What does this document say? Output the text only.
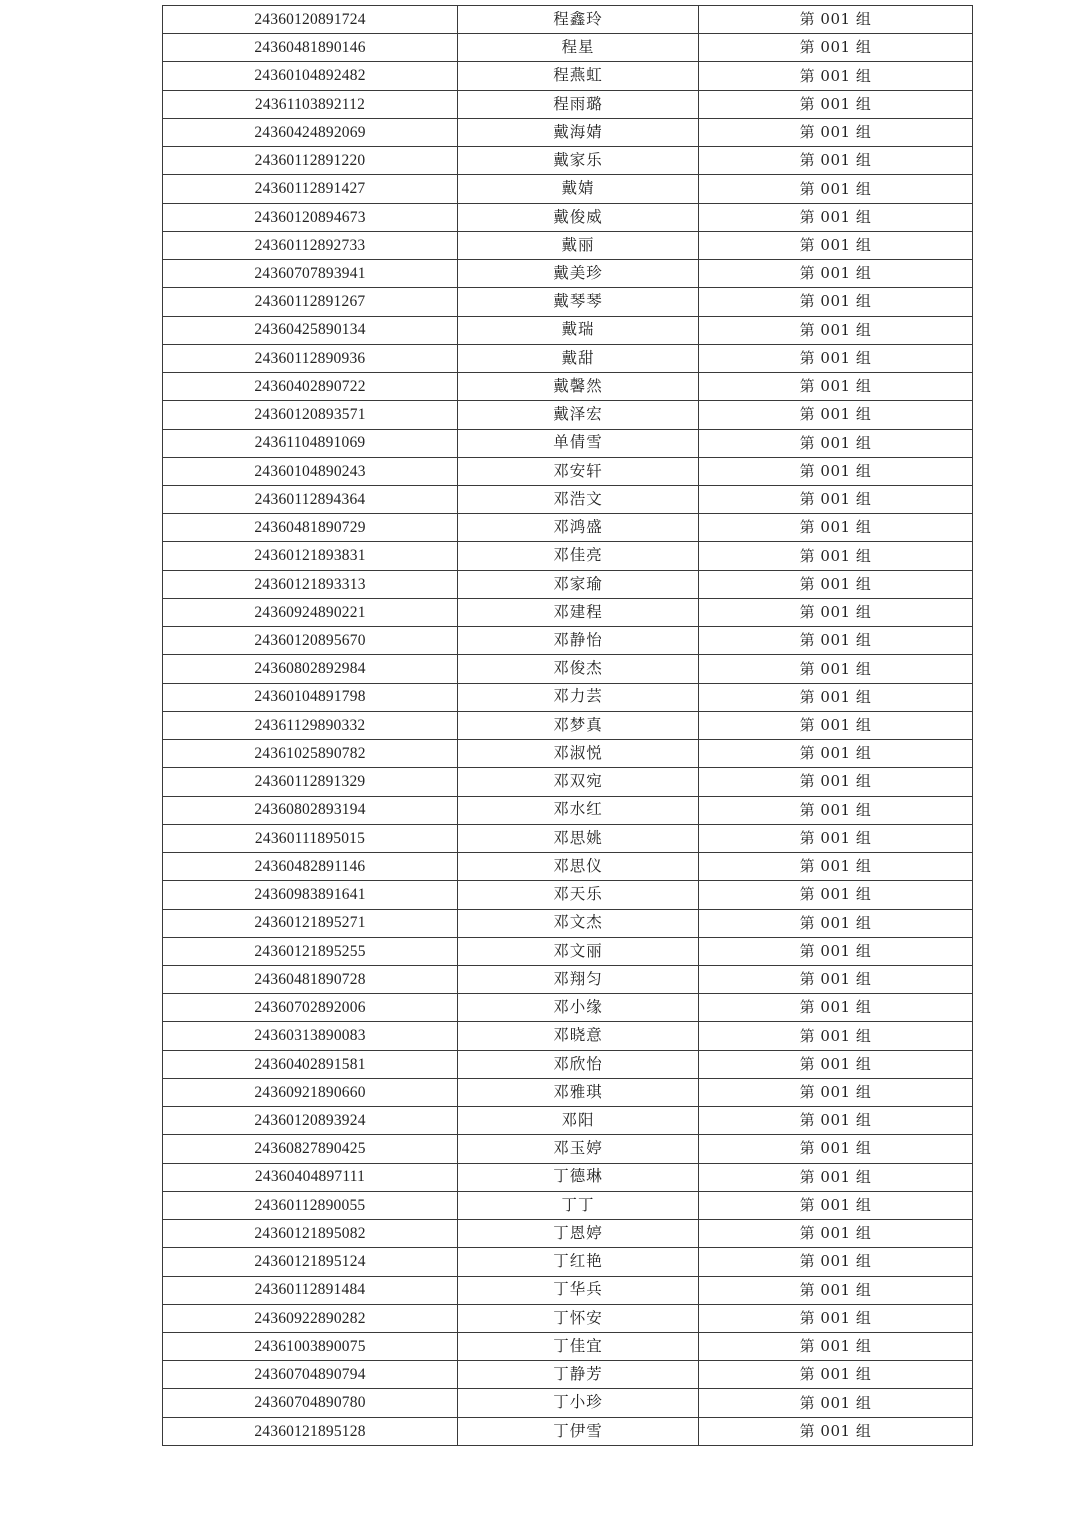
24360120891724	程鑫玲	第 001 组
24360481890146	程星	第 001 组
24360104892482	程燕虹	第 001 组
24361103892112	程雨璐	第 001 组
24360424892069	戴海婧	第 001 组
24360112891220	戴家乐	第 001 组
24360112891427	戴婧	第 001 组
24360120894673	戴俊威	第 001 组
24360112892733	戴丽	第 001 组
24360707893941	戴美珍	第 001 组
24360112891267	戴琴琴	第 001 组
24360425890134	戴瑞	第 001 组
24360112890936	戴甜	第 001 组
24360402890722	戴馨然	第 001 组
24360120893571	戴泽宏	第 001 组
24361104891069	单倩雪	第 001 组
24360104890243	邓安轩	第 001 组
24360112894364	邓浩文	第 001 组
24360481890729	邓鸿盛	第 001 组
24360121893831	邓佳亮	第 001 组
24360121893313	邓家瑜	第 001 组
24360924890221	邓建程	第 001 组
24360120895670	邓静怡	第 001 组
24360802892984	邓俊杰	第 001 组
24360104891798	邓力芸	第 001 组
24361129890332	邓梦真	第 001 组
24361025890782	邓淑悦	第 001 组
24360112891329	邓双宛	第 001 组
24360802893194	邓水红	第 001 组
24360111895015	邓思姚	第 001 组
24360482891146	邓思仪	第 001 组
24360983891641	邓天乐	第 001 组
24360121895271	邓文杰	第 001 组
24360121895255	邓文丽	第 001 组
24360481890728	邓翔匀	第 001 组
24360702892006	邓小缘	第 001 组
24360313890083	邓晓意	第 001 组
24360402891581	邓欣怡	第 001 组
24360921890660	邓雅琪	第 001 组
24360120893924	邓阳	第 001 组
24360827890425	邓玉婷	第 001 组
24360404897111	丁德琳	第 001 组
24360112890055	丁丁	第 001 组
24360121895082	丁恩婷	第 001 组
24360121895124	丁红艳	第 001 组
24360112891484	丁华兵	第 001 组
24360922890282	丁怀安	第 001 组
24361003890075	丁佳宜	第 001 组
24360704890794	丁静芳	第 001 组
24360704890780	丁小珍	第 001 组
24360121895128	丁伊雪	第 001 组
